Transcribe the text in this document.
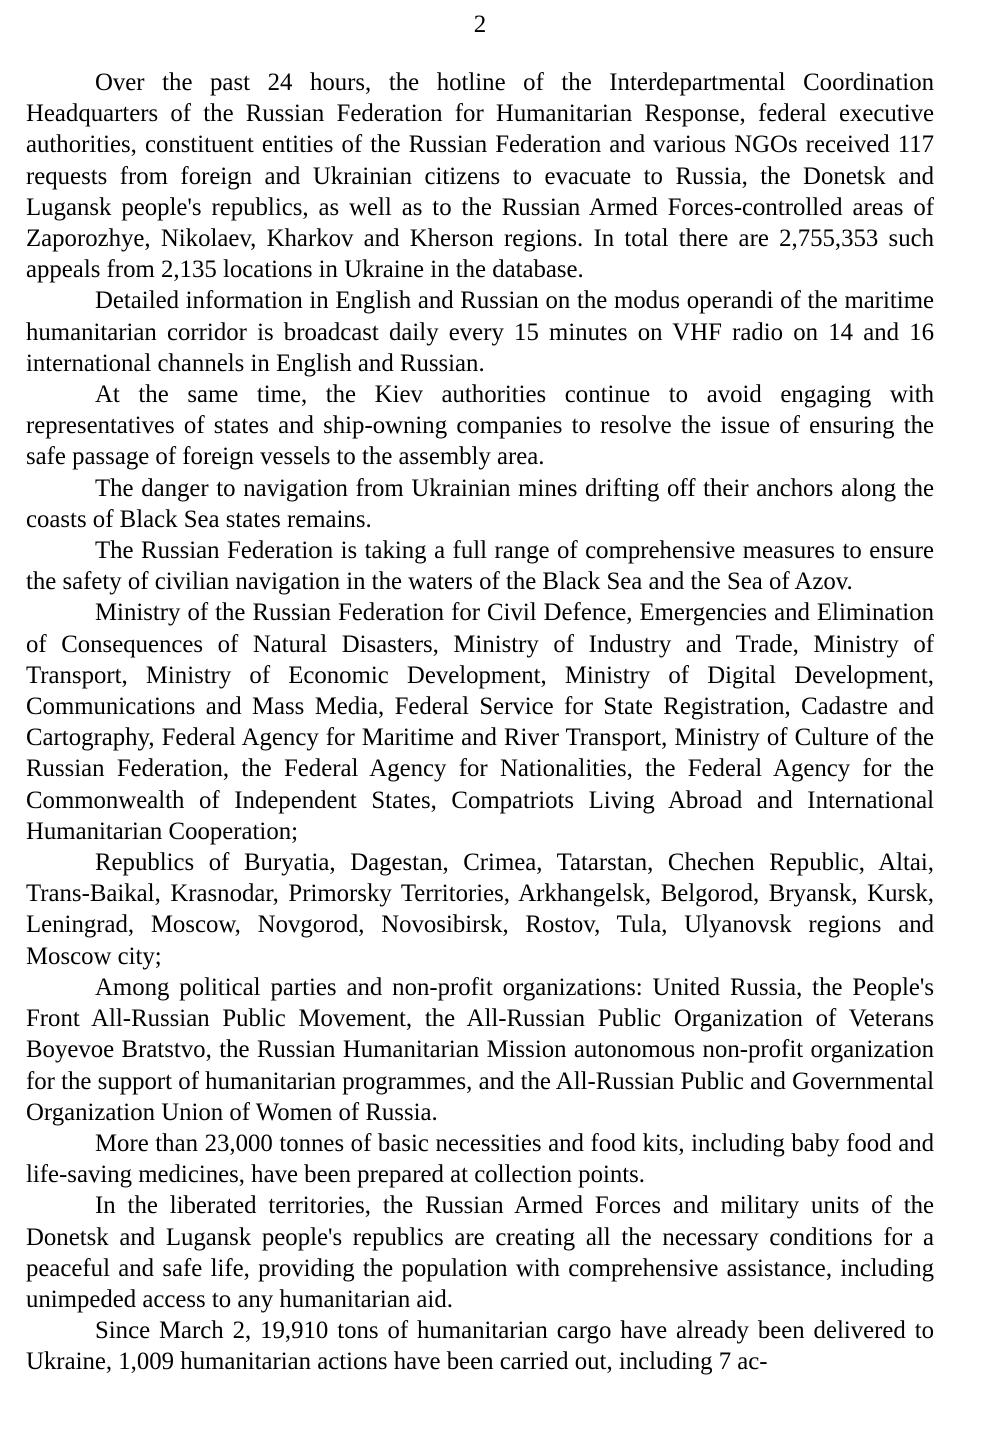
2

Over the past 24 hours, the hotline of the Interdepartmental Coordination Headquarters of the Russian Federation for Humanitarian Response, federal executive authorities, constituent entities of the Russian Federation and various NGOs received 117 requests from foreign and Ukrainian citizens to evacuate to Russia, the Donetsk and Lugansk people's republics, as well as to the Russian Armed Forces-controlled areas of Zaporozhye, Nikolaev, Kharkov and Kherson regions. In total there are 2,755,353 such appeals from 2,135 locations in Ukraine in the database.

Detailed information in English and Russian on the modus operandi of the maritime humanitarian corridor is broadcast daily every 15 minutes on VHF radio on 14 and 16 international channels in English and Russian.

At the same time, the Kiev authorities continue to avoid engaging with representatives of states and ship-owning companies to resolve the issue of ensuring the safe passage of foreign vessels to the assembly area.

The danger to navigation from Ukrainian mines drifting off their anchors along the coasts of Black Sea states remains.

The Russian Federation is taking a full range of comprehensive measures to ensure the safety of civilian navigation in the waters of the Black Sea and the Sea of Azov.

Ministry of the Russian Federation for Civil Defence, Emergencies and Elimination of Consequences of Natural Disasters, Ministry of Industry and Trade, Ministry of Transport, Ministry of Economic Development, Ministry of Digital Development, Communications and Mass Media, Federal Service for State Registration, Cadastre and Cartography, Federal Agency for Maritime and River Transport, Ministry of Culture of the Russian Federation, the Federal Agency for Nationalities, the Federal Agency for the Commonwealth of Independent States, Compatriots Living Abroad and International Humanitarian Cooperation;

Republics of Buryatia, Dagestan, Crimea, Tatarstan, Chechen Republic, Altai, Trans-Baikal, Krasnodar, Primorsky Territories, Arkhangelsk, Belgorod, Bryansk, Kursk, Leningrad, Moscow, Novgorod, Novosibirsk, Rostov, Tula, Ulyanovsk regions and Moscow city;

Among political parties and non-profit organizations: United Russia, the People's Front All-Russian Public Movement, the All-Russian Public Organization of Veterans Boyevoe Bratstvo, the Russian Humanitarian Mission autonomous non-profit organization for the support of humanitarian programmes, and the All-Russian Public and Governmental Organization Union of Women of Russia.

More than 23,000 tonnes of basic necessities and food kits, including baby food and life-saving medicines, have been prepared at collection points.

In the liberated territories, the Russian Armed Forces and military units of the Donetsk and Lugansk people's republics are creating all the necessary conditions for a peaceful and safe life, providing the population with comprehensive assistance, including unimpeded access to any humanitarian aid.

Since March 2, 19,910 tons of humanitarian cargo have already been delivered to Ukraine, 1,009 humanitarian actions have been carried out, including 7 ac-
